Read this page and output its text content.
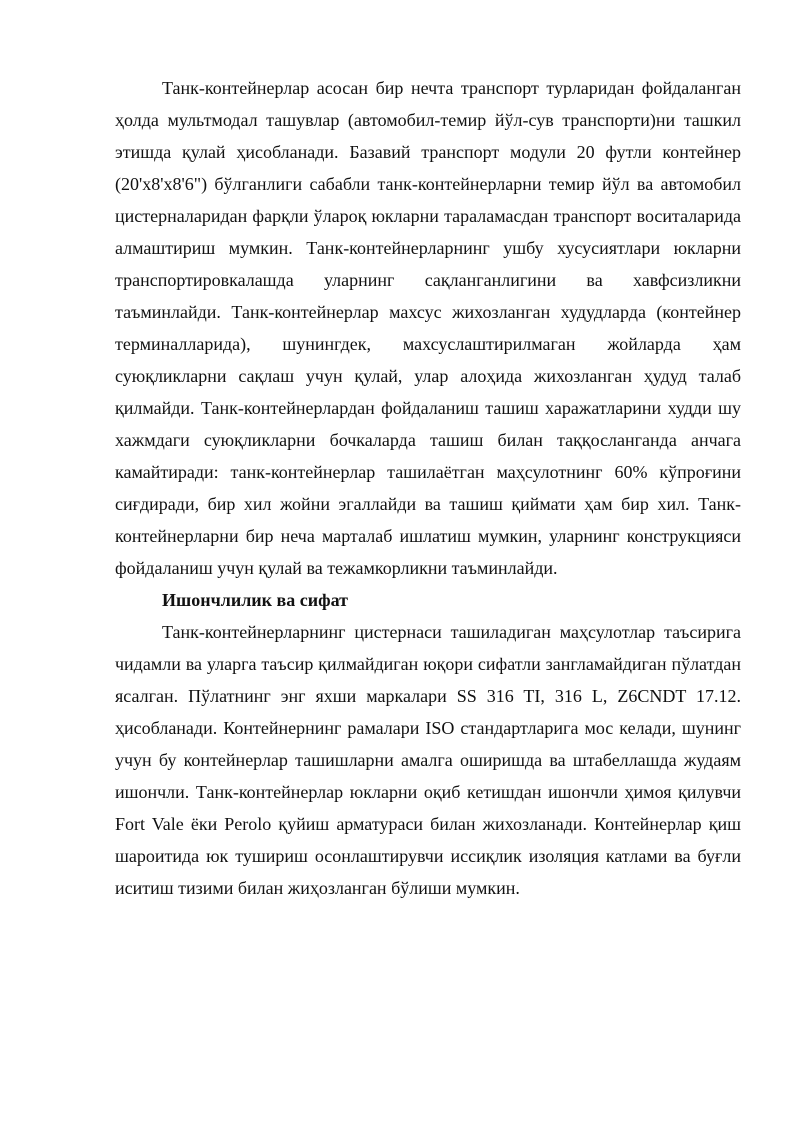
Танк-контейнерлар асосан бир нечта транспорт турларидан фойдаланган ҳолда мультмодал ташувлар (автомобил-темир йўл-сув транспорти)ни ташкил этишда қулай ҳисобланади. Базавий транспорт модули 20 футли контейнер (20'х8'х8'6") бўлганлиги сабабли танк-контейнерларни темир йўл ва автомобил цистерналаридан фарқли ўлароқ юкларни тараламасдан транспорт воситаларида алмаштириш мумкин. Танк-контейнерларнинг ушбу хусусиятлари юкларни транспортировкалашда уларнинг сақланганлигини ва хавфсизликни таъминлайди. Танк-контейнерлар махсус жихозланган худудларда (контейнер терминалларида), шунингдек, махсуслаштирилмаган жойларда ҳам суюқликларни сақлаш учун қулай, улар алоҳида жихозланган ҳудуд талаб қилмайди. Танк-контейнерлардан фойдаланиш ташиш харажатларини худди шу хажмдаги суюқликларни бочкаларда ташиш билан таққосланганда анчага камайтиради: танк-контейнерлар ташилаётган маҳсулотнинг 60% кўпроғини сиғдиради, бир хил жойни эгаллайди ва ташиш қиймати ҳам бир хил. Танк-контейнерларни бир неча марталаб ишлатиш мумкин, уларнинг конструкцияси фойдаланиш учун қулай ва тежамкорликни таъминлайди.

Ишончлилик ва сифат

Танк-контейнерларнинг цистернаси ташиладиган маҳсулотлар таъсирига чидамли ва уларга таъсир қилмайдиган юқори сифатли зангламайдиган пўлатдан ясалган. Пўлатнинг энг яхши маркалари SS 316 TI, 316 L, Z6CNDT 17.12. ҳисобланади. Контейнернинг рамалари ISO стандартларига мос келади, шунинг учун бу контейнерлар ташишларни амалга оширишда ва штабеллашда жудаям ишончли. Танк-контейнерлар юкларни оқиб кетишдан ишончли ҳимоя қилувчи Fort Vale ёки Perolo қуйиш арматураси билан жихозланади. Контейнерлар қиш шароитида юк тушириш осонлаштирувчи иссиқлик изоляция катлами ва буғли иситиш тизими билан жиҳозланган бўлиши мумкин.
